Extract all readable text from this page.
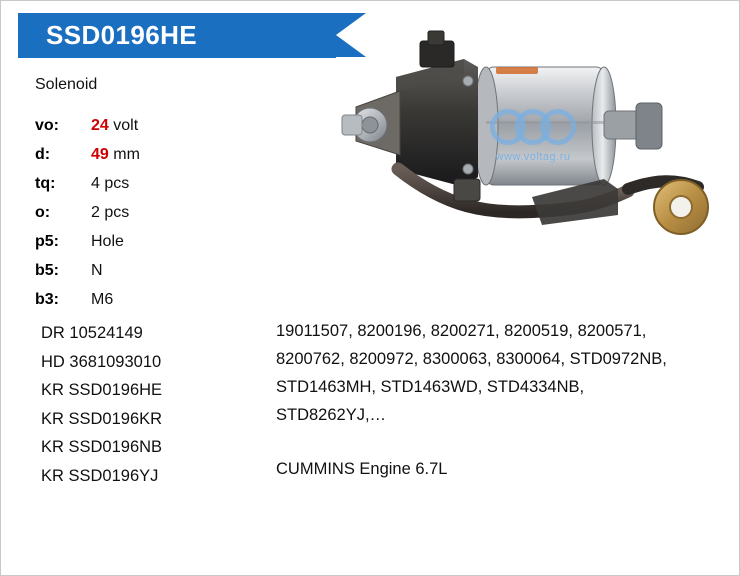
SSD0196HE
Solenoid
vo:	24 volt
d:	49 mm
tq:	4 pcs
o:	2 pcs
p5:	Hole
b5:	N
b3:	M6
DR 10524149
HD 3681093010
KR SSD0196HE
KR SSD0196KR
KR SSD0196NB
KR SSD0196YJ
19011507, 8200196, 8200271, 8200519, 8200571, 8200762, 8200972, 8300063, 8300064, STD0972NB, STD1463MH, STD1463WD, STD4334NB, STD8262YJ,…
CUMMINS Engine 6.7L
www.voltag.ru
